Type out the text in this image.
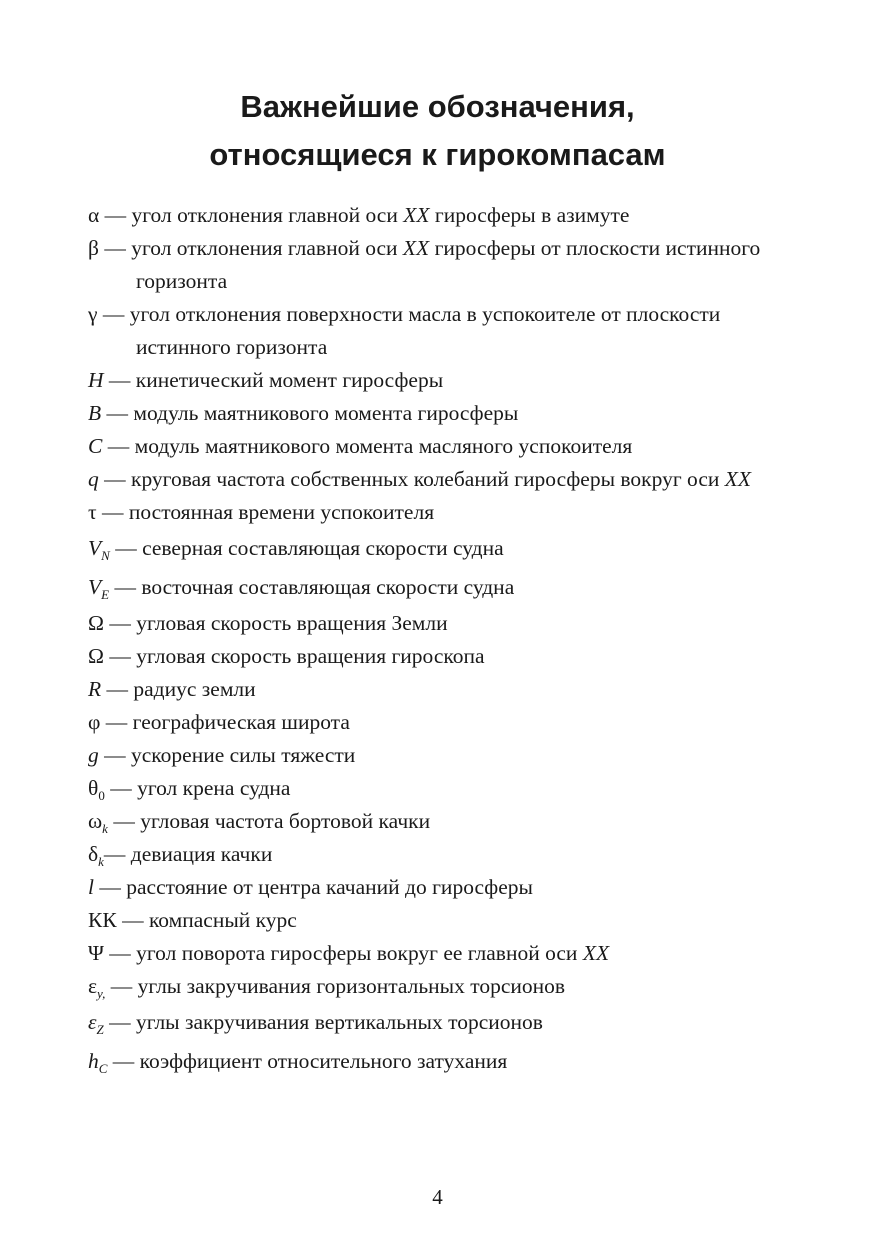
Важнейшие обозначения,
относящиеся к гирокомпасам
α — угол отклонения главной оси XX гиросферы в азимуте
β — угол отклонения главной оси XX гиросферы от плоскости истинного горизонта
γ — угол отклонения поверхности масла в успокоителе от плоскости истинного горизонта
H — кинетический момент гиросферы
B — модуль маятникового момента гиросферы
C — модуль маятникового момента масляного успокоителя
q — круговая частота собственных колебаний гиросферы вокруг оси XX
τ — постоянная времени успокоителя
$V_N$ — северная составляющая скорости судна
$V_E$ — восточная составляющая скорости судна
Ω — угловая скорость вращения Земли
Ω — угловая скорость вращения гироскопа
R — радиус земли
φ — географическая широта
g — ускорение силы тяжести
$\theta_0$ — угол крена судна
$\omega_k$ — угловая частота бортовой качки
$\delta_k—$ девиация качки
l — расстояние от центра качаний до гиросферы
КК — компасный курс
Ψ — угол поворота гиросферы вокруг ее главной оси XX
$\varepsilon_{y,}$ — углы закручивания горизонтальных торсионов
$\varepsilon_Z$ — углы закручивания вертикальных торсионов
$h_C$ — коэффициент относительного затухания
4
